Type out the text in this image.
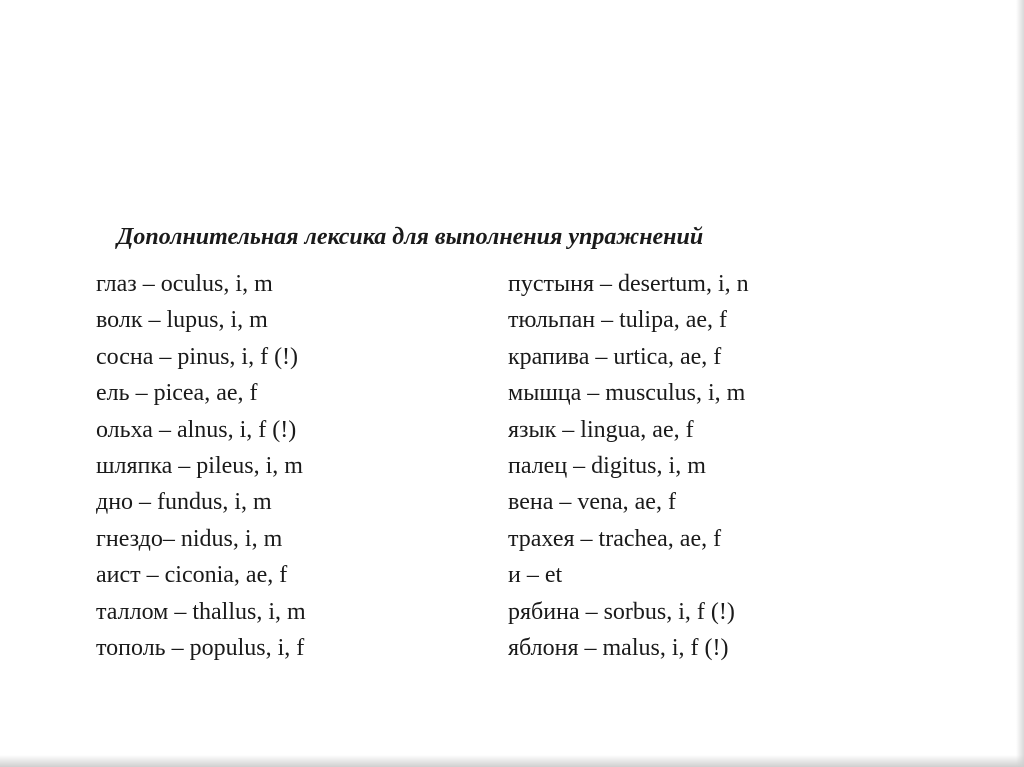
Дополнительная лексика для выполнения упражнений
глаз – oculus, i, m
волк – lupus, i, m
сосна – pinus, i, f (!)
ель – picea, ae, f
ольха – alnus, i, f (!)
шляпка – pileus, i, m
дно – fundus, i, m
гнездо– nidus, i, m
аист – ciconia, ae, f
таллом – thallus, i, m
тополь – populus, i, f
пустыня – desertum, i, n
тюльпан – tulipa, ae, f
крапива – urtica, ae, f
мышца – musculus, i, m
язык – lingua, ae, f
палец – digitus, i, m
вена – vena, ae, f
трахея – trachea, ae, f
и – et
рябина – sorbus, i, f (!)
яблоня – malus, i, f (!)
